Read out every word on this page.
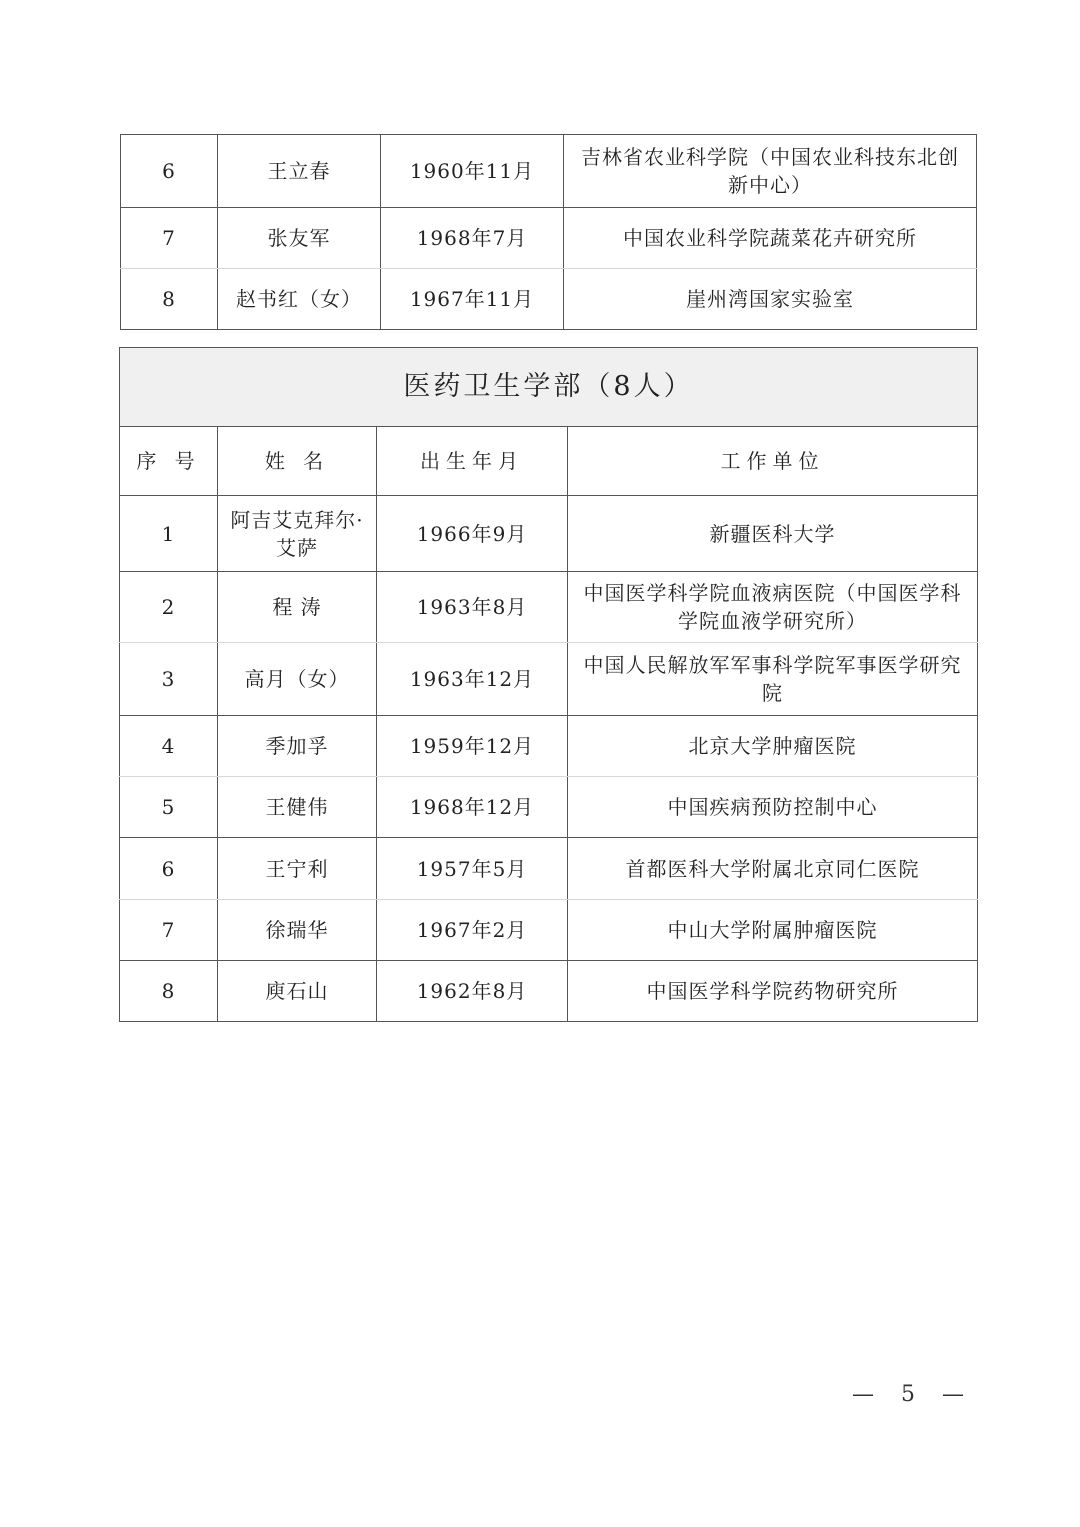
6	王立春	1960年11月	吉林省农业科学院（中国农业科技东北创新中心）
7	张友军	1968年7月	中国农业科学院蔬菜花卉研究所
8	赵书红（女）	1967年11月	崖州湾国家实验室
医药卫生学部（8人）			
序 号	姓 名	出生年月	工作单位
1	阿吉艾克拜尔·艾萨	1966年9月	新疆医科大学
2	程 涛	1963年8月	中国医学科学院血液病医院（中国医学科学院血液学研究所）
3	高月（女）	1963年12月	中国人民解放军军事科学院军事医学研究院
4	季加孚	1959年12月	北京大学肿瘤医院
5	王健伟	1968年12月	中国疾病预防控制中心
6	王宁利	1957年5月	首都医科大学附属北京同仁医院
7	徐瑞华	1967年2月	中山大学附属肿瘤医院
8	庾石山	1962年8月	中国医学科学院药物研究所
— 5 —
